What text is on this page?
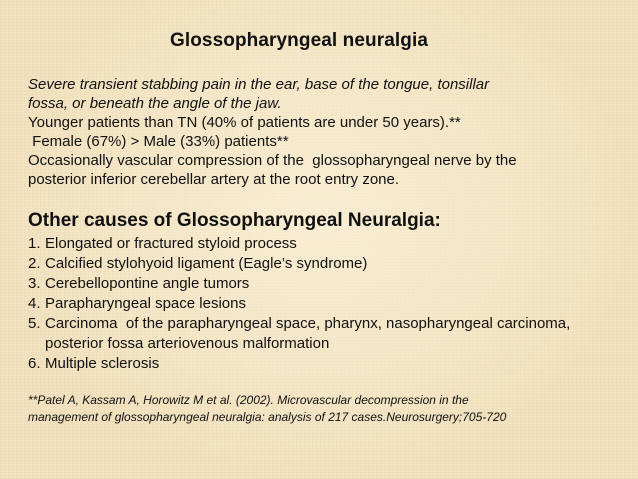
Glossopharyngeal neuralgia
Severe transient stabbing pain in the ear, base of the tongue, tonsillar
fossa, or beneath the angle of the jaw.
Younger patients than TN (40% of patients are under 50 years).**
Female (67%) > Male (33%) patients**
Occasionally vascular compression of the  glossopharyngeal nerve by the
posterior inferior cerebellar artery at the root entry zone.
Other causes of Glossopharyngeal Neuralgia:
1. Elongated or fractured styloid process
2. Calcified stylohyoid ligament (Eagle’s syndrome)
3. Cerebellopontine angle tumors
4. Parapharyngeal space lesions
5. Carcinoma  of the parapharyngeal space, pharynx, nasopharyngeal carcinoma, posterior fossa arteriovenous malformation
6. Multiple sclerosis
**Patel A, Kassam A, Horowitz M et al. (2002). Microvascular decompression in the
management of glossopharyngeal neuralgia: analysis of 217 cases.Neurosurgery;705-720
